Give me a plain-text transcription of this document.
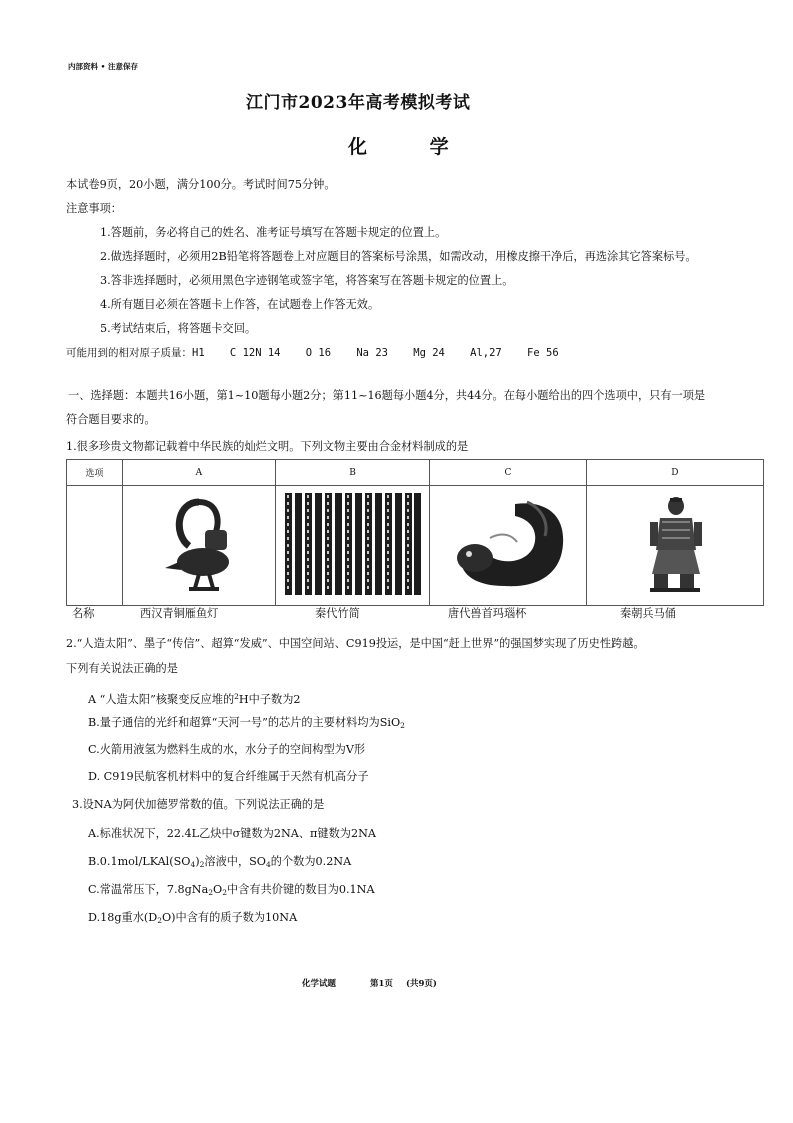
内部资料 • 注意保存
江门市2023年高考模拟考试
化 学
本试卷9页，20小题，满分100分。考试时间75分钟。
注意事项：
1.答题前，务必将自己的姓名、准考证号填写在答题卡规定的位置上。
2.做选择题时，必须用2B铅笔将答题卷上对应题目的答案标号涂黑，如需改动，用橡皮擦干净后，再选涂其它答案标号。
3.答非选择题时，必须用黑色字迹钢笔或签字笔，将答案写在答题卡规定的位置上。
4.所有题目必须在答题卡上作答，在试题卷上作答无效。
5.考试结束后，将答题卡交回。
可能用到的相对原子质量：H1    C 12N 14    O 16    Na 23    Mg 24    Al,27    Fe 56
一、选择题：本题共16小题，第1~10题每小题2分；第11~16题每小题4分，共44分。在每小题给出的四个选项中，只有一项是
符合题目要求的。
1.很多珍贵文物都记载着中华民族的灿烂文明。下列文物主要由合金材料制成的是
选项	A	B	C	D

名称	西汉青铜雁鱼灯	秦代竹简	唐代兽首玛瑙杯	秦朝兵马俑
2.“人造太阳”、墨子“传信”、超算“发威”、中国空间站、C919投运，是中国“赶上世界”的强国梦实现了历史性跨越。
下列有关说法正确的是
A “人造太阳”核聚变反应堆的$^2$H中子数为2
B.量子通信的光纤和超算“天河一号”的芯片的主要材料均为SiO$_2$
C.火箭用液氢为燃料生成的水，水分子的空间构型为V形
D. C919民航客机材料中的复合纤维属于天然有机高分子
3.设NA为阿伏加德罗常数的值。下列说法正确的是
A.标准状况下，22.4L乙炔中σ键数为2NA、π键数为2NA
$B.0.1mol/LKAl(SO_4)_2$溶液中，$SO_4$的个数为0.2NA
C.常温常压下，$7.8gNa_2O_2$中含有共价键的数目为0.1NA
D.18g重水$(D_2O)$中含有的质子数为10NA
化学试题	第1页 (共9页)
